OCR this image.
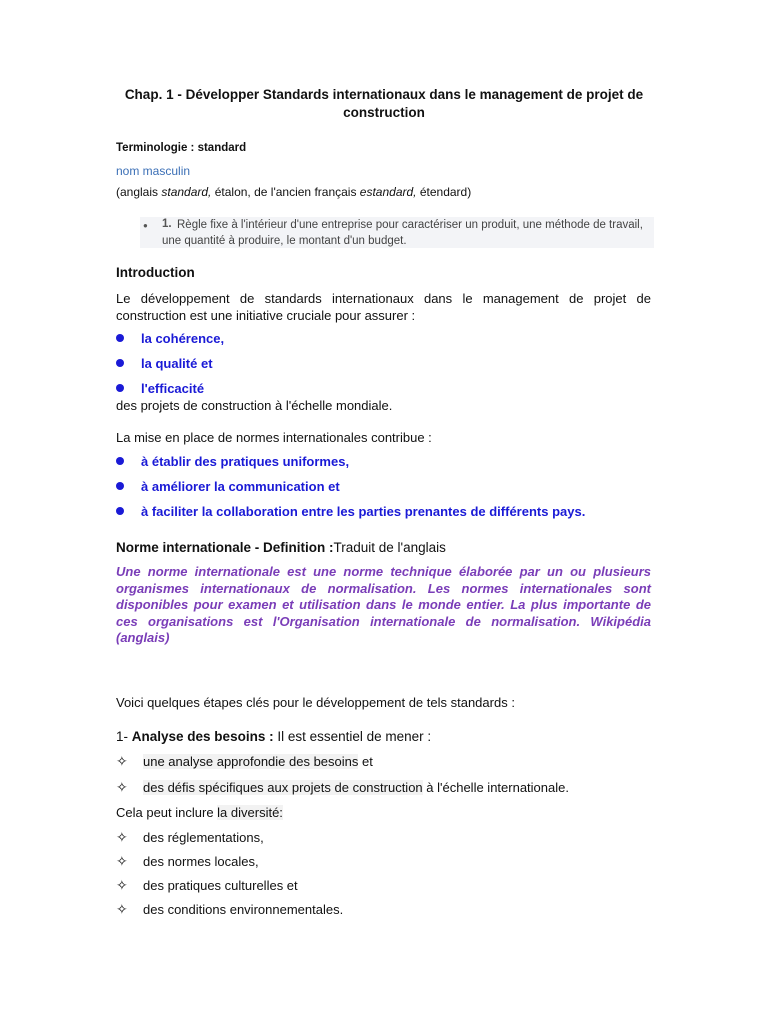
Chap. 1 - Développer Standards internationaux dans le management de projet de construction
Terminologie : standard
nom masculin
(anglais standard, étalon, de l'ancien français estandard, étendard)
● 1. Règle fixe à l'intérieur d'une entreprise pour caractériser un produit, une méthode de travail, une quantité à produire, le montant d'un budget.
Introduction
Le développement de standards internationaux dans le management de projet de construction est une initiative cruciale pour assurer :
la cohérence,
la qualité et
l'efficacité
des projets de construction à l'échelle mondiale.
La mise en place de normes internationales contribue :
à établir des pratiques uniformes,
à améliorer la communication et
à faciliter la collaboration entre les parties prenantes de différents pays.
Norme internationale - Definition :Traduit de l'anglais
Une norme internationale est une norme technique élaborée par un ou plusieurs organismes internationaux de normalisation. Les normes internationales sont disponibles pour examen et utilisation dans le monde entier. La plus importante de ces organisations est l'Organisation internationale de normalisation. Wikipédia (anglais)
Voici quelques étapes clés pour le développement de tels standards :
1- Analyse des besoins : Il est essentiel de mener :
✧ une analyse approfondie des besoins et
✧ des défis spécifiques aux projets de construction à l'échelle internationale.
Cela peut inclure la diversité:
✧ des réglementations,
✧ des normes locales,
✧ des pratiques culturelles et
✧ des conditions environnementales.
